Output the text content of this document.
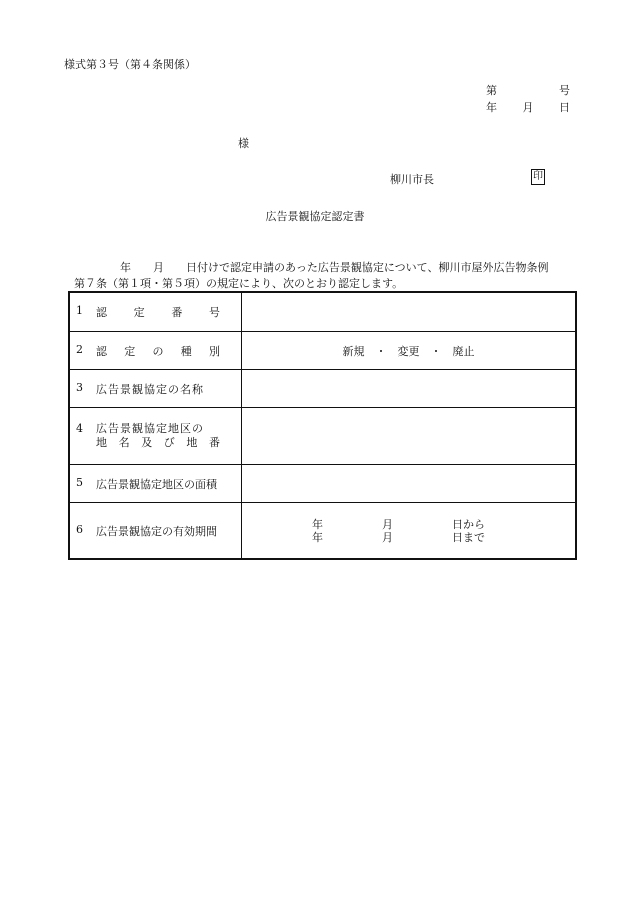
様式第３号（第４条関係）
第	号
年 月 日
様
柳川市長	印
広告景観協定認定書
年　　月　　日付けで認定申請のあった広告景観協定について、柳川市屋外広告物条例
第７条（第１項・第５項）の規定により、次のとおり認定します。
1	認 定 番 号
2	認 定 の 種 別	新規　・　変更　・　廃止
3	広告景観協定の名称
4	広告景観協定地区の
地 名 及 び 地 番
5	広告景観協定地区の面積
6	広告景観協定の有効期間
年	月	日から
年	月	日まで
